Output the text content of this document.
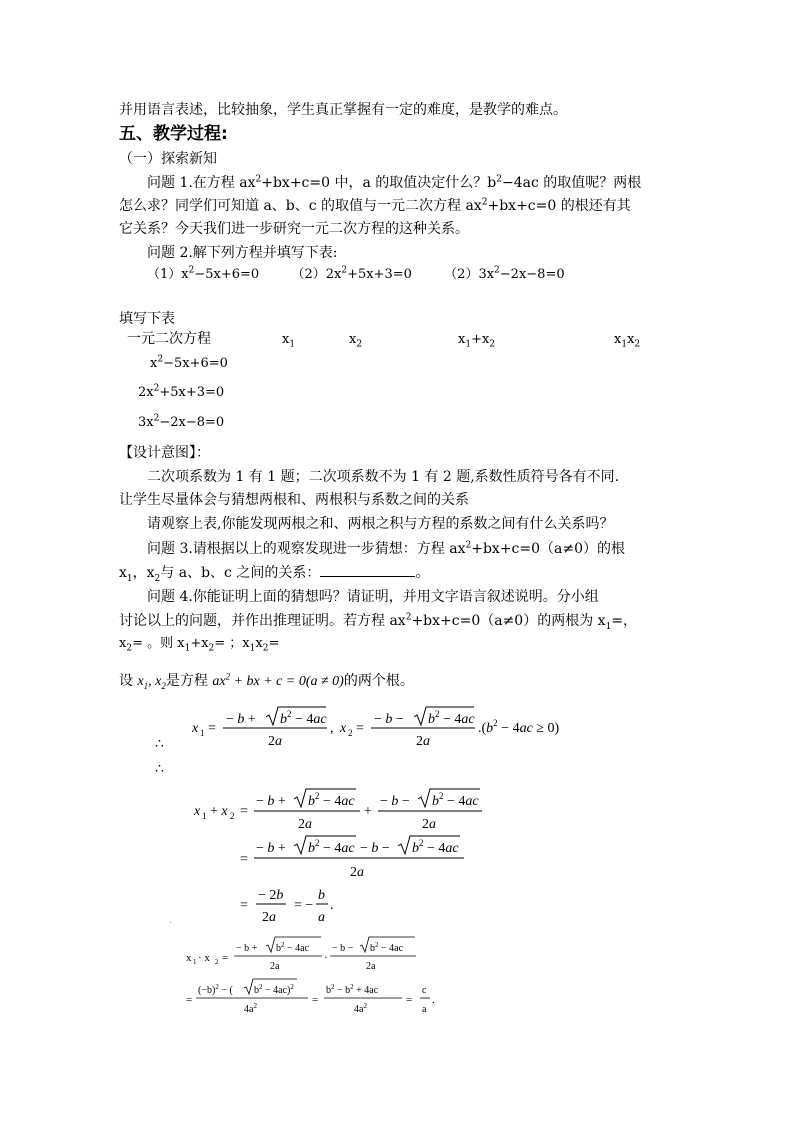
并用语言表述，比较抽象，学生真正掌握有一定的难度，是教学的难点。
五、教学过程:
（一）探索新知
问题 1.在方程 $ax^2+bx+c=0$ 中，a 的取值决定什么？$b^2-4ac$ 的取值呢？两根
怎么求？同学们可知道 a、b、c 的取值与一元二次方程 $ax^2+bx+c=0$ 的根还有其
它关系？今天我们进一步研究一元二次方程的这种关系。
问题 2.解下列方程并填写下表:
$(1)x^2-5x+6=0$ $(2)2x^2+5x+3=0$ $(2)3x^2-2x-8=0$
填写下表
一元二次方程	$x_1$	$x_2$	$x_1+x_2$	$x_1x_2$
$x^2-5x+6=0$
$2x^2+5x+3=0$
$3x^2-2x-8=0$
【设计意图】：
二次项系数为 1 有 1 题；二次项系数不为 1 有 2 题,系数性质符号各有不同.
让学生尽量体会与猜想两根和、两根积与系数之间的关系
请观察上表,你能发现两根之和、两根之积与方程的系数之间有什么关系吗？
问题 3.请根据以上的观察发现进一步猜想：方程 $ax^2+bx+c=0(a\ne 0)$的根
$x_1$，$x_2$与 a、b、c 之间的关系：	。
问题 4.你能证明上面的猜想吗？请证明，并用文字语言叙述说明。分小组
讨论以上的问题，并作出推理证明。若方程 $ax^2+bx+c=0(a\ne 0)$的两根为 $x_1=$，
$x_2=$ 。则 $x_1+x_2=$ ；$x_1x_2=$
设 $x_1$, $x_2$是方程 $ax^2$ + bx + c = 0(a ≠ 0)的两个根。
x 1 =
− $b + b^2 - 4ac$
2a
, x 2 =
− $b - b^2 - 4ac$
2a
$.(b^2 - 4ac \ge 0)$
∴
∴
x 1 + x 2 =
− $b + b^2 - 4ac$
2a
+
− $b - b^2 - 4ac$
2a
=
− $b + b^2 - 4ac - b - b^2 - 4ac$
2a
=
− 2b
2a
= −
b
a
.
.
x 1 · x 2 =
− $b + b^2 - 4ac$
2a
·
− $b - b^2 - 4ac$
2a
=
$(-b)^2$ − ( $b^2 - 4ac)^2$
$4a^2$	=
$b^2 - b^2 + 4ac$
$4a^2$	=
c
a
.
